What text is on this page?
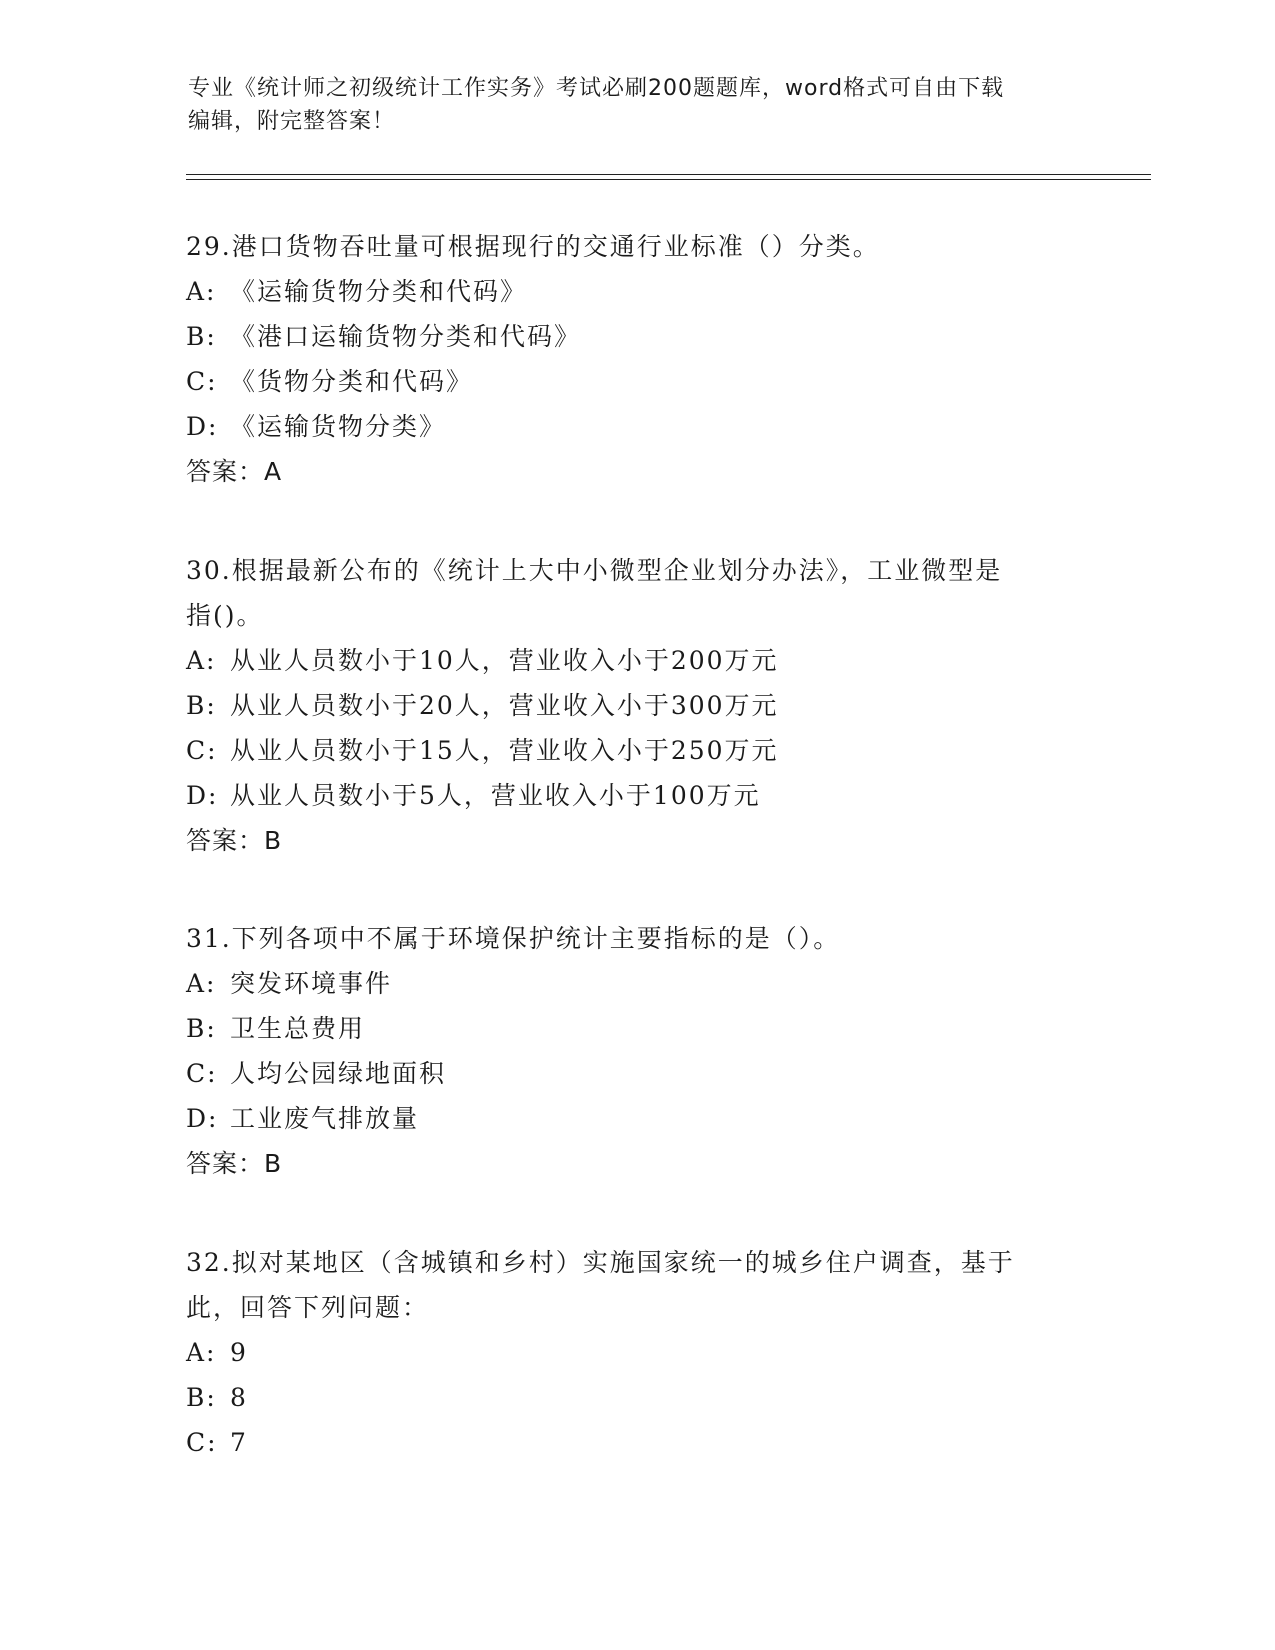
专业《统计师之初级统计工作实务》考试必刷200题题库，word格式可自由下载
编辑，附完整答案！

29.港口货物吞吐量可根据现行的交通行业标准（）分类。

A: 《运输货物分类和代码》

B: 《港口运输货物分类和代码》

C: 《货物分类和代码》

D: 《运输货物分类》

答案：A

30.根据最新公布的《统计上大中小微型企业划分办法》，工业微型是

指()。

A: 从业人员数小于10人，营业收入小于200万元

B: 从业人员数小于20人，营业收入小于300万元

C: 从业人员数小于15人，营业收入小于250万元

D: 从业人员数小于5人，营业收入小于100万元

答案：B

31.下列各项中不属于环境保护统计主要指标的是（）。

A: 突发环境事件

B: 卫生总费用

C: 人均公园绿地面积

D: 工业废气排放量

答案：B

32.拟对某地区（含城镇和乡村）实施国家统一的城乡住户调查，基于

此，回答下列问题：

A: 9

B: 8

C: 7
